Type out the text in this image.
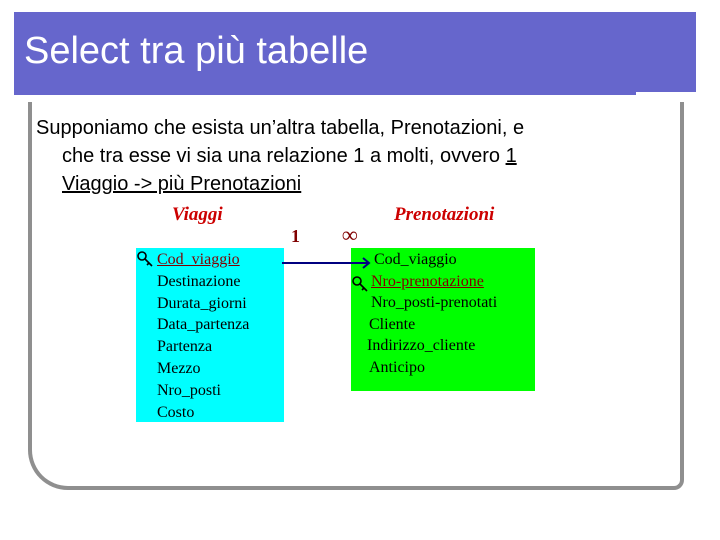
Select tra più tabelle
Supponiamo che esista un’altra tabella, Prenotazioni, e
che tra esse vi sia una relazione 1 a molti, ovvero 1
Viaggio -> più Prenotazioni
Viaggi	Prenotazioni
1 ∞
Cod_viaggio
Destinazione
Durata_giorni
Data_partenza
Partenza
Mezzo
Nro_posti
Costo
Cod_viaggio
Nro-prenotazione
Nro_posti-prenotati
Cliente
Indirizzo_cliente
Anticipo
